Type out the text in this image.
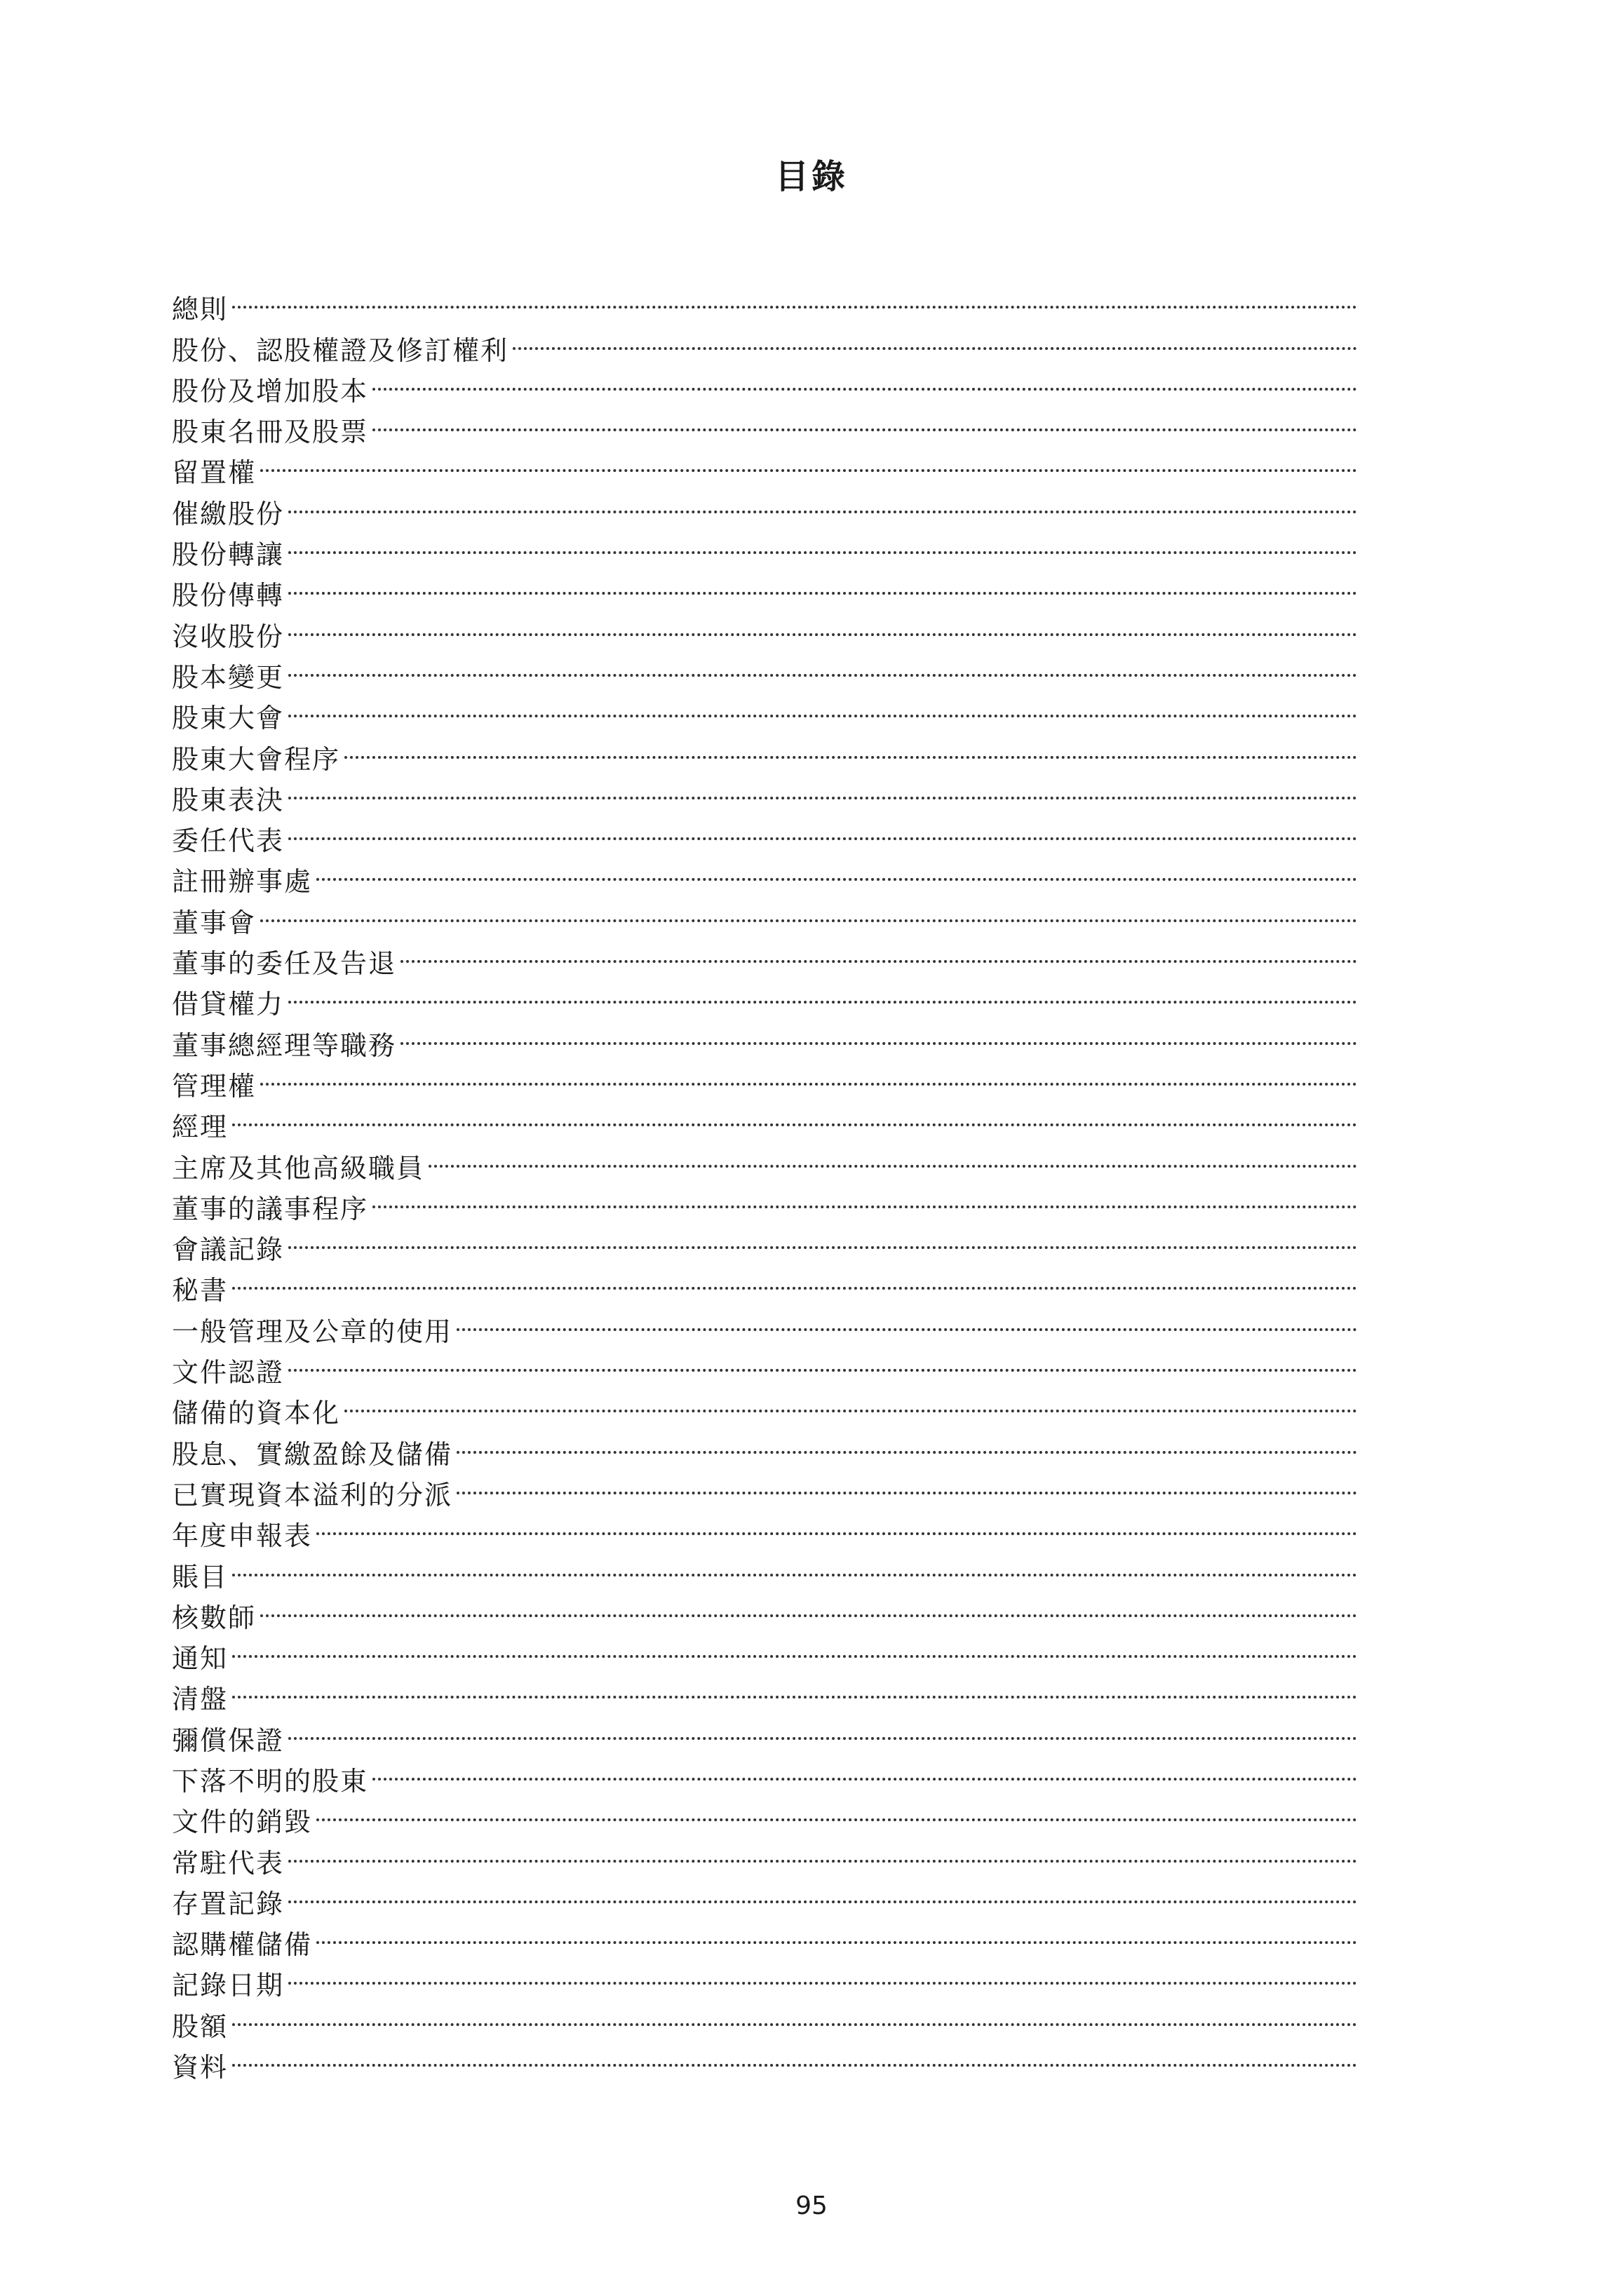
目錄
總則
股份、認股權證及修訂權利
股份及增加股本
股東名冊及股票
留置權
催繳股份
股份轉讓
股份傳轉
沒收股份
股本變更
股東大會
股東大會程序
股東表決
委任代表
註冊辦事處
董事會
董事的委任及告退
借貸權力
董事總經理等職務
管理權
經理
主席及其他高級職員
董事的議事程序
會議記錄
秘書
一般管理及公章的使用
文件認證
儲備的資本化
股息、實繳盈餘及儲備
已實現資本溢利的分派
年度申報表
賬目
核數師
通知
清盤
彌償保證
下落不明的股東
文件的銷毀
常駐代表
存置記錄
認購權儲備
記錄日期
股額
資料
95
